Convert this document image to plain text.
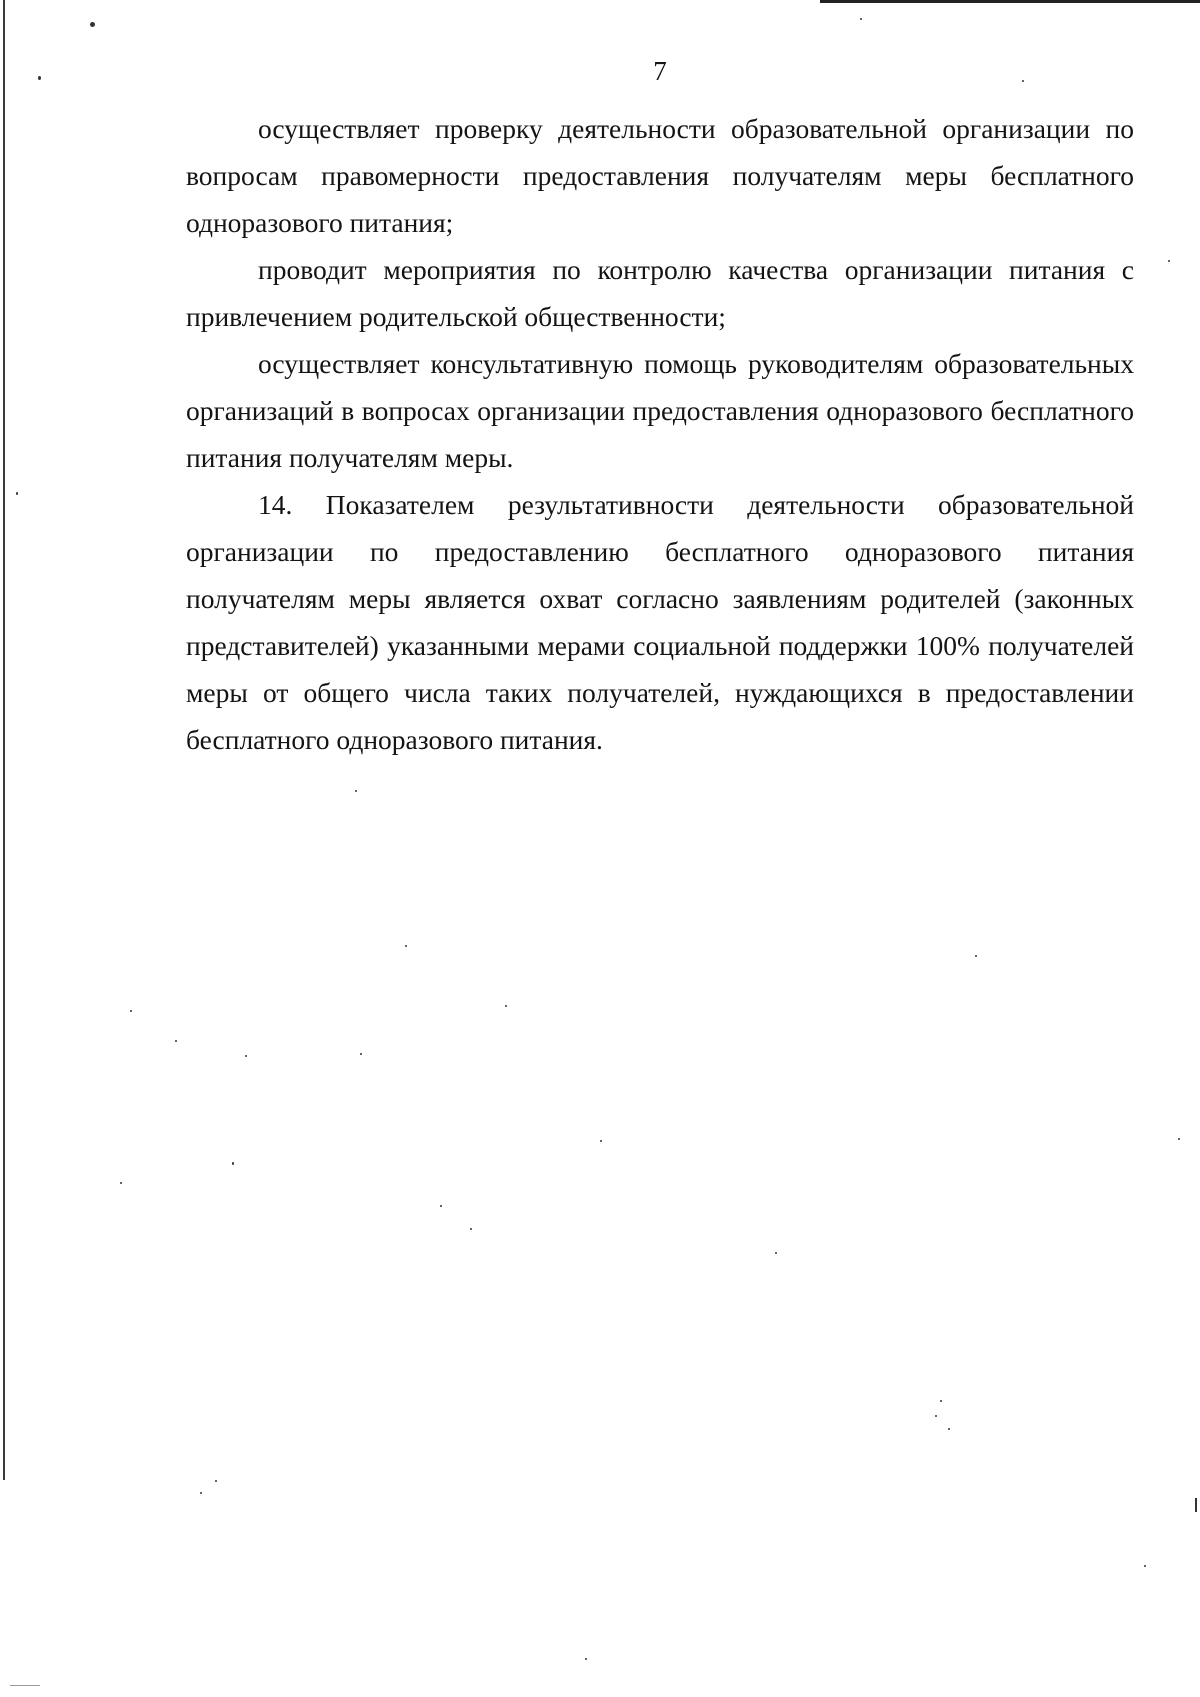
7

осуществляет проверку деятельности образовательной организации по вопросам правомерности предоставления получателям меры бесплатного одноразового питания;

проводит мероприятия по контролю качества организации питания с привлечением родительской общественности;

осуществляет консультативную помощь руководителям образовательных организаций в вопросах организации предоставления одноразового бесплатного питания получателям меры.

14. Показателем результативности деятельности образовательной организации по предоставлению бесплатного одноразового питания получателям меры является охват согласно заявлениям родителей (законных представителей) указанными мерами социальной поддержки 100% получателей меры от общего числа таких получателей, нуждающихся в предоставлении бесплатного одноразового питания.
